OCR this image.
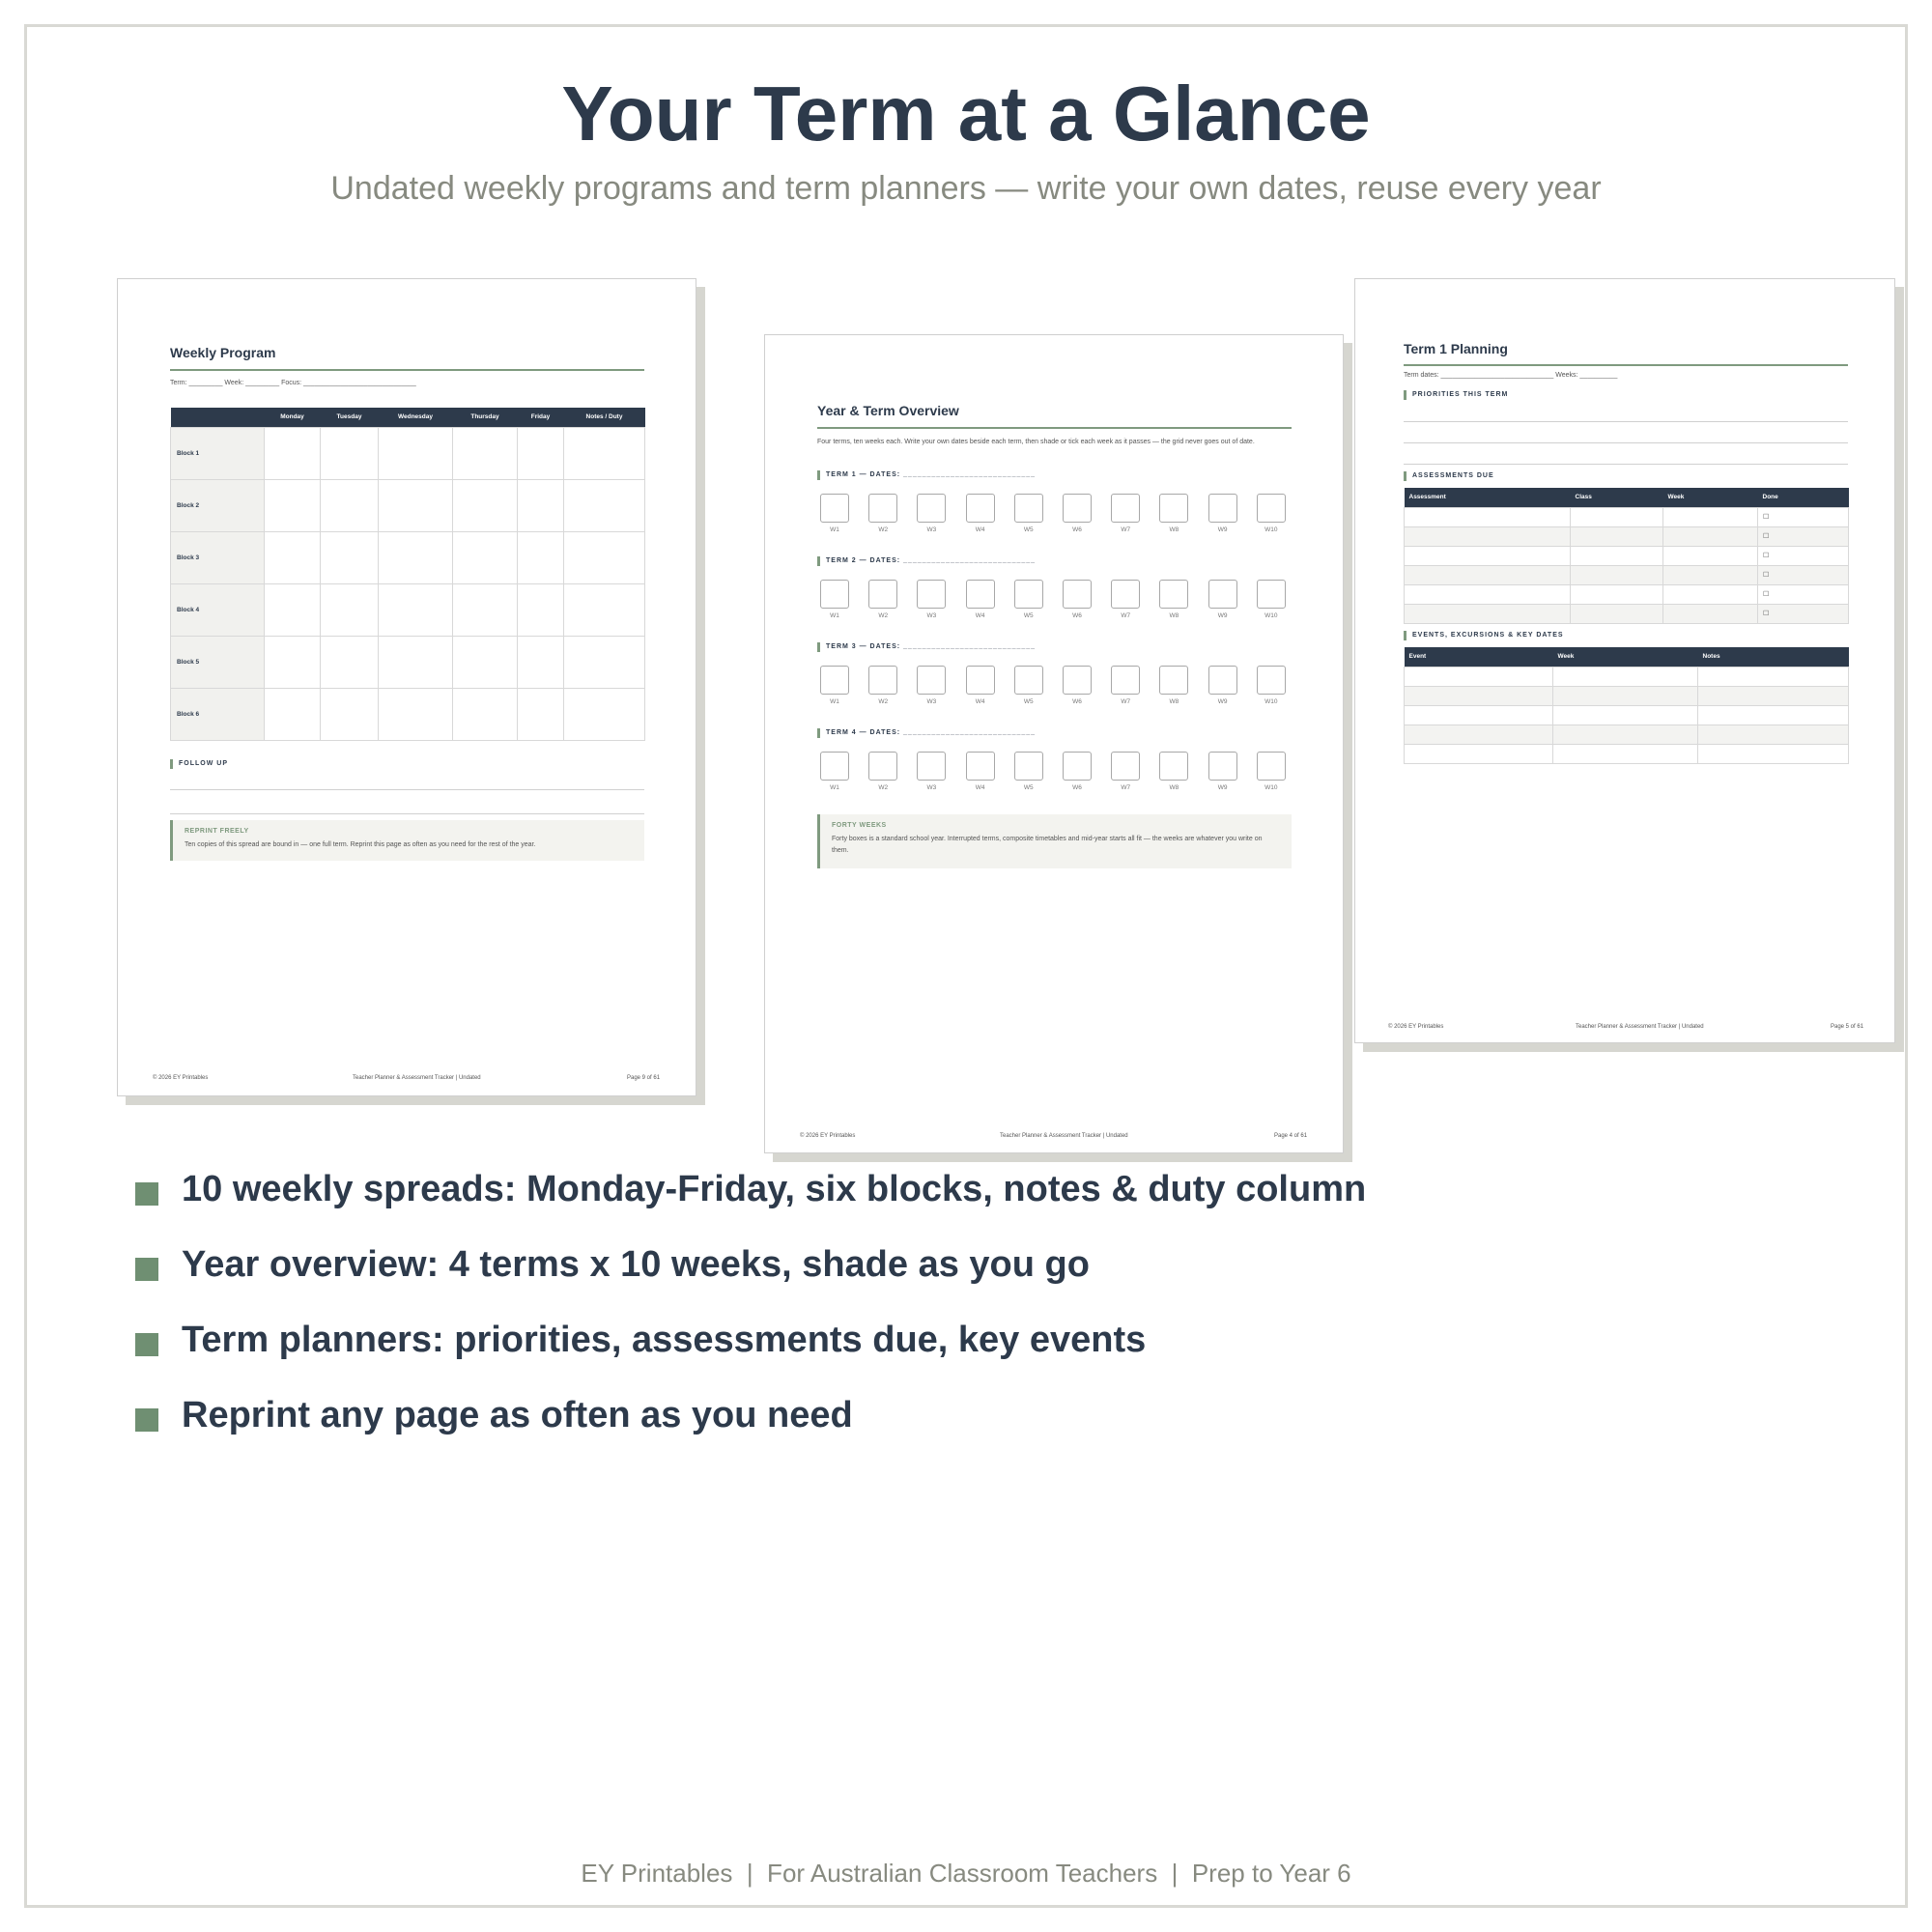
Your Term at a Glance
Undated weekly programs and term planners — write your own dates, reuse every year
Weekly Program
Term: _________ Week: _________ Focus: ______________________________
	Monday	Tuesday	Wednesday	Thursday	Friday	Notes / Duty
Block 1						
Block 2						
Block 3						
Block 4						
Block 5						
Block 6						
FOLLOW UP
REPRINT FREELY
Ten copies of this spread are bound in — one full term. Reprint this page as often as you need for the rest of the year.
© 2026 EY Printables	Teacher Planner & Assessment Tracker | Undated	Page 9 of 61
Year & Term Overview
Four terms, ten weeks each. Write your own dates beside each term, then shade or tick each week as it passes — the grid never goes out of date.
TERM 1 — DATES: ____________________________
W1	W2	W3	W4	W5	W6	W7	W8	W9	W10
TERM 2 — DATES: ____________________________
W1	W2	W3	W4	W5	W6	W7	W8	W9	W10
TERM 3 — DATES: ____________________________
W1	W2	W3	W4	W5	W6	W7	W8	W9	W10
TERM 4 — DATES: ____________________________
W1	W2	W3	W4	W5	W6	W7	W8	W9	W10
FORTY WEEKS
Forty boxes is a standard school year. Interrupted terms, composite timetables and mid-year starts all fit — the weeks are whatever you write on them.
© 2026 EY Printables	Teacher Planner & Assessment Tracker | Undated	Page 4 of 61
Term 1 Planning
Term dates: ______________________________ Weeks: __________
PRIORITIES THIS TERM
ASSESSMENTS DUE
Assessment	Class	Week	Done
			☐
			☐
			☐
			☐
			☐
			☐
EVENTS, EXCURSIONS & KEY DATES
Event	Week	Notes

© 2026 EY Printables	Teacher Planner & Assessment Tracker | Undated	Page 5 of 61
10 weekly spreads: Monday-Friday, six blocks, notes & duty column
Year overview: 4 terms x 10 weeks, shade as you go
Term planners: priorities, assessments due, key events
Reprint any page as often as you need
EY Printables  |  For Australian Classroom Teachers  |  Prep to Year 6
